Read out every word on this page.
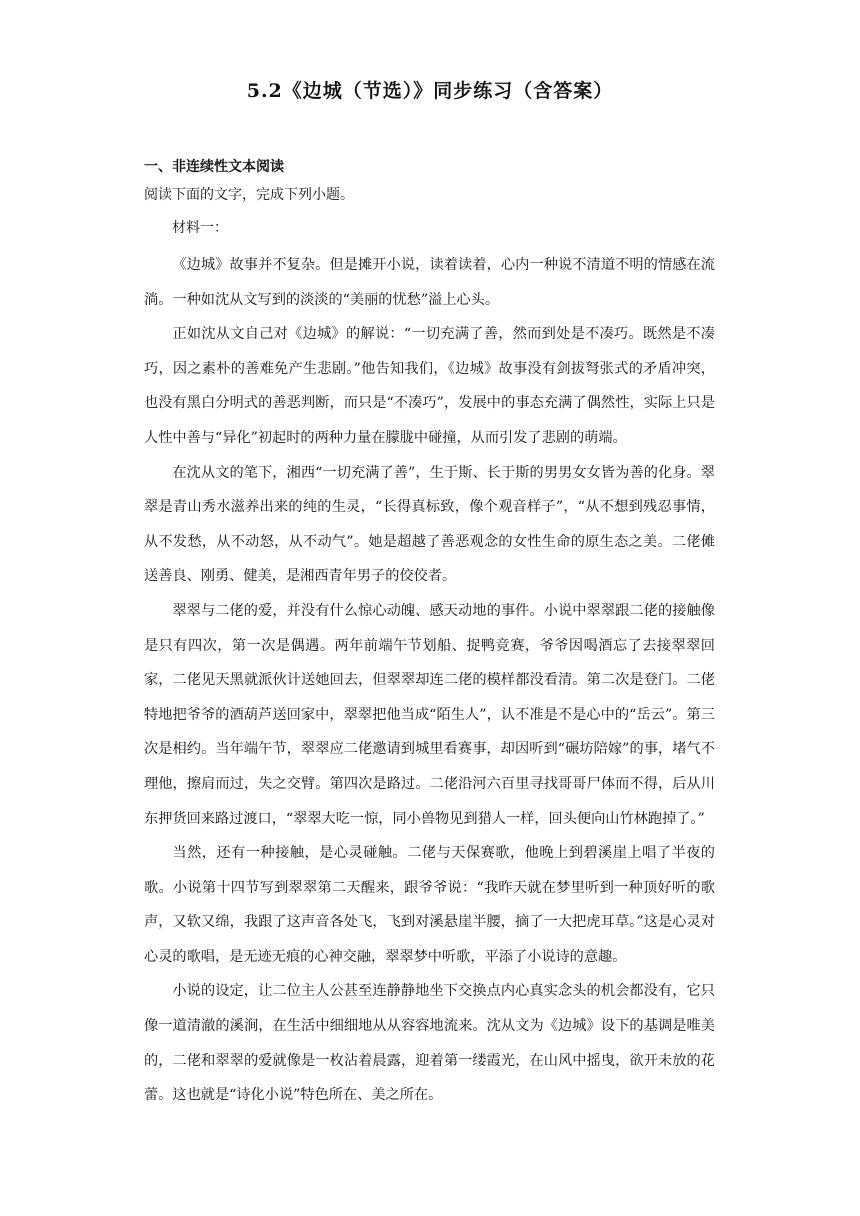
5.2《边城（节选）》同步练习（含答案）
一、非连续性文本阅读

阅读下面的文字，完成下列小题。

材料一：

《边城》故事并不复杂。但是摊开小说，读着读着，心内一种说不清道不明的情感在流淌。一种如沈从文写到的淡淡的“美丽的忧愁”溢上心头。

正如沈从文自己对《边城》的解说：“一切充满了善，然而到处是不凑巧。既然是不凑巧，因之素朴的善难免产生悲剧。”他告知我们，《边城》故事没有剑拔弩张式的矛盾冲突，也没有黑白分明式的善恶判断，而只是“不凑巧”，发展中的事态充满了偶然性，实际上只是人性中善与“异化”初起时的两种力量在朦胧中碰撞，从而引发了悲剧的萌端。

在沈从文的笔下，湘西“一切充满了善”，生于斯、长于斯的男男女女皆为善的化身。翠翠是青山秀水滋养出来的纯的生灵，“长得真标致，像个观音样子”，“从不想到残忍事情，从不发愁，从不动怒，从不动气”。她是超越了善恶观念的女性生命的原生态之美。二佬傩送善良、刚勇、健美，是湘西青年男子的佼佼者。

翠翠与二佬的爱，并没有什么惊心动魄、感天动地的事件。小说中翠翠跟二佬的接触像是只有四次，第一次是偶遇。两年前端午节划船、捉鸭竞赛，爷爷因喝酒忘了去接翠翠回家，二佬见天黑就派伙计送她回去，但翠翠却连二佬的模样都没看清。第二次是登门。二佬特地把爷爷的酒葫芦送回家中，翠翠把他当成“陌生人”，认不准是不是心中的“岳云”。第三次是相约。当年端午节，翠翠应二佬邀请到城里看赛事，却因听到“碾坊陪嫁”的事，堵气不理他，擦肩而过，失之交臂。第四次是路过。二佬沿河六百里寻找哥哥尸体而不得，后从川东押货回来路过渡口，“翠翠大吃一惊，同小兽物见到猎人一样，回头便向山竹林跑掉了。”

当然，还有一种接触，是心灵碰触。二佬与天保赛歌，他晚上到碧溪崖上唱了半夜的歌。小说第十四节写到翠翠第二天醒来，跟爷爷说：“我昨天就在梦里听到一种顶好听的歌声，又软又绵，我跟了这声音各处飞，飞到对溪悬崖半腰，摘了一大把虎耳草。”这是心灵对心灵的歌唱，是无迹无痕的心神交融，翠翠梦中听歌，平添了小说诗的意趣。

小说的设定，让二位主人公甚至连静静地坐下交换点内心真实念头的机会都没有，它只像一道清澈的溪涧，在生活中细细地从从容容地流来。沈从文为《边城》设下的基调是唯美的，二佬和翠翠的爱就像是一枚沾着晨露，迎着第一缕霞光，在山风中摇曳，欲开未放的花蕾。这也就是“诗化小说”特色所在、美之所在。
